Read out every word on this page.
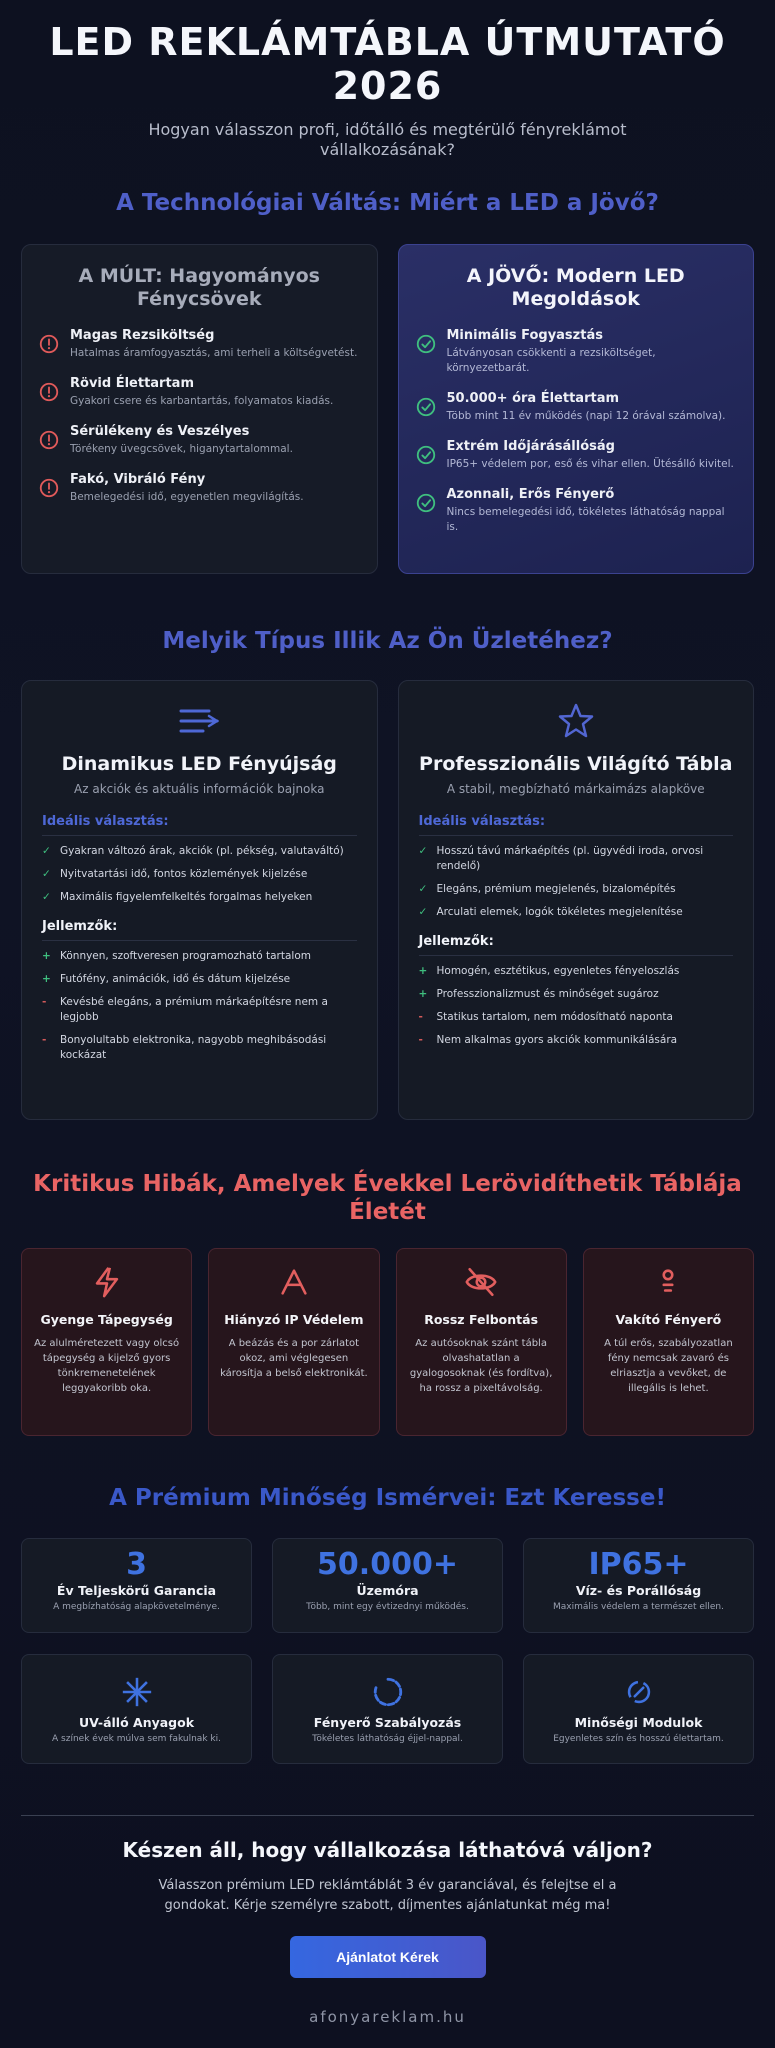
LED REKLÁMTÁBLA ÚTMUTATÓ 2026

Hogyan válasszon profi, időtálló és megtérülő fényreklámot vállalkozásának?

A Technológiai Váltás: Miért a LED a Jövő?
A MÚLT: Hagyományos Fénycsövek
Magas Rezsiköltség
Hatalmas áramfogyasztás, ami terheli a költségvetést.
Rövid Élettartam
Gyakori csere és karbantartás, folyamatos kiadás.
Sérülékeny és Veszélyes
Törékeny üvegcsövek, higanytartalommal.
Fakó, Vibráló Fény
Bemelegedési idő, egyenetlen megvilágítás.
A JÖVŐ: Modern LED Megoldások
Minimális Fogyasztás
Látványosan csökkenti a rezsiköltséget, környezetbarát.
50.000+ óra Élettartam
Több mint 11 év működés (napi 12 órával számolva).
Extrém Időjárásállóság
IP65+ védelem por, eső és vihar ellen. Ütésálló kivitel.
Azonnali, Erős Fényerő
Nincs bemelegedési idő, tökéletes láthatóság nappal is.
Melyik Típus Illik Az Ön Üzletéhez?
Dinamikus LED Fényújság
Az akciók és aktuális információk bajnoka
Ideális választás:
✓ Gyakran változó árak, akciók (pl. pékség, valutaváltó)
✓ Nyitvatartási idő, fontos közlemények kijelzése
✓ Maximális figyelemfelkeltés forgalmas helyeken
Jellemzők:
+ Könnyen, szoftveresen programozható tartalom
+ Futófény, animációk, idő és dátum kijelzése
-	Kevésbé elegáns, a prémium márkaépítésre nem a legjobb
-	Bonyolultabb elektronika, nagyobb meghibásodási kockázat
Professzionális Világító Tábla
A stabil, megbízható márkaimázs alapköve
Ideális választás:
✓ Hosszú távú márkaépítés (pl. ügyvédi iroda, orvosi rendelő)
✓ Elegáns, prémium megjelenés, bizalomépítés
✓ Arculati elemek, logók tökéletes megjelenítése
Jellemzők:
+ Homogén, esztétikus, egyenletes fényeloszlás
+ Professzionalizmust és minőséget sugároz
-	Statikus tartalom, nem módosítható naponta
-	Nem alkalmas gyors akciók kommunikálására
Kritikus Hibák, Amelyek Évekkel Lerövidíthetik Táblája Életét
Gyenge Tápegység

Az alulméretezett vagy olcsó tápegység a kijelző gyors tönkremenetelének leggyakoribb oka.

Hiányzó IP Védelem

A beázás és a por zárlatot okoz, ami véglegesen károsítja a belső elektronikát.

Rossz Felbontás

Az autósoknak szánt tábla olvashatatlan a gyalogosoknak (és fordítva), ha rossz a pixeltávolság.

Vakító Fényerő

A túl erős, szabályozatlan fény nemcsak zavaró és elriasztja a vevőket, de illegális is lehet.

A Prémium Minőség Ismérvei: Ezt Keresse!
3
Év Teljeskörű Garancia
A megbízhatóság alapkövetelménye.
50.000+
Üzemóra
Több, mint egy évtizednyi működés.
IP65+
Víz- és Porállóság
Maximális védelem a természet ellen.
UV-álló Anyagok
A színek évek múlva sem fakulnak ki.
Fényerő Szabályozás
Tökéletes láthatóság éjjel-nappal.
Minőségi Modulok
Egyenletes szín és hosszú élettartam.
Készen áll, hogy vállalkozása láthatóvá váljon?

Válasszon prémium LED reklámtáblát 3 év garanciával, és felejtse el a gondokat. Kérje személyre szabott, díjmentes ajánlatunkat még ma!

Ajánlatot Kérek
afonyareklam.hu
